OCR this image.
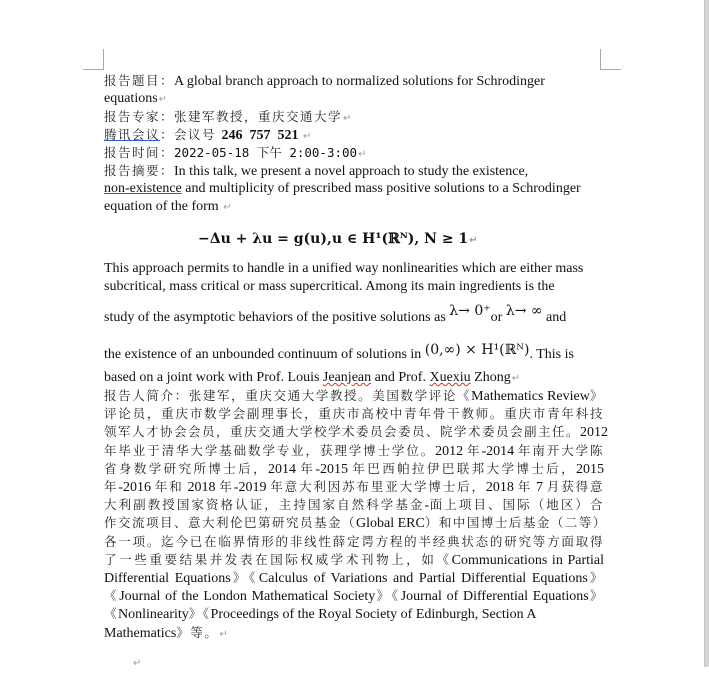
报告题目：A global branch approach to normalized solutions for Schrodinger
equations↵
报告专家：张建军教授，重庆交通大学↵
腾讯会议：会议号 246  757  521 ↵
报告时间：2022-05-18 下午 2:00-3:00↵
报告摘要：In this talk, we present a novel approach to study the existence,
non-existence and multiplicity of prescribed mass positive solutions to a Schrodinger
equation of the form ↵
−Δu + λu = g(u),u ∈ H¹(ℝᴺ), N ≥ 1↵
This approach permits to handle in a unified way nonlinearities which are either mass
subcritical, mass critical or mass supercritical. Among its main ingredients is the
study of the asymptotic behaviors of the positive solutions as λ→ 0⁺or λ→ ∞ and
the existence of an unbounded continuum of solutions in (0,∞) × H¹(ℝᴺ). This is
based on a joint work with Prof. Louis Jeanjean and Prof. Xuexiu Zhong↵
报告人简介：张建军，重庆交通大学教授。美国数学评论《Mathematics Review》
评论员，重庆市数学会副理事长，重庆市高校中青年骨干教师。重庆市青年科技
领军人才协会会员，重庆交通大学校学术委员会委员、院学术委员会副主任。2012
年毕业于清华大学基础数学专业，获理学博士学位。2012 年-2014 年南开大学陈
省身数学研究所博士后，2014 年-2015 年巴西帕拉伊巴联邦大学博士后，2015
年-2016 年和 2018 年-2019 年意大利因苏布里亚大学博士后，2018 年 7 月获得意
大利副教授国家资格认证，主持国家自然科学基金-面上项目、国际（地区）合
作交流项目、意大利伦巴第研究员基金（Global ERC）和中国博士后基金（二等）
各一项。迄今已在临界情形的非线性薛定谔方程的半经典状态的研究等方面取得
了一些重要结果并发表在国际权威学术刊物上，如《Communications in Partial
Differential Equations》《Calculus of Variations and Partial Differential Equations》
《Journal of the London Mathematical Society》《Journal of Differential Equations》
《Nonlinearity》《Proceedings of the Royal Society of Edinburgh, Section A
Mathematics》等。↵
↵
